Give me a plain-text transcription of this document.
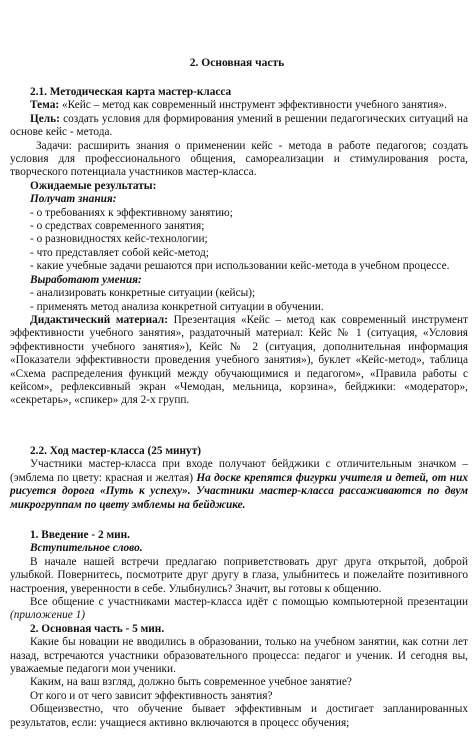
2. Основная часть

2.1. Методическая карта мастер-класса

Тема: «Кейс – метод как современный инструмент эффективности учебного занятия».

Цель: создать условия для формирования умений в решении педагогических ситуаций на основе кейс - метода.

Задачи: расширить знания о применении кейс - метода в работе педагогов; создать условия для профессионального общения, самореализации и стимулирования роста, творческого потенциала участников мастер-класса.

Ожидаемые результаты:

Получат знания:

- о требованиях к эффективному занятию;

- о средствах современного занятия;

- о разновидностях кейс-технологии;

- что представляет собой кейс-метод;

- какие учебные задачи решаются при использовании кейс-метода в учебном процессе.

Выработают умения:

- анализировать конкретные ситуации (кейсы);

- применять метод анализа конкретной ситуации в обучении.

Дидактический материал: Презентация «Кейс – метод как современный инструмент эффективности учебного занятия», раздаточный материал: Кейс № 1 (ситуация, «Условия эффективности учебного занятия»), Кейс № 2 (ситуация, дополнительная информация «Показатели эффективности проведения учебного занятия»), буклет «Кейс-метод», таблица «Схема распределения функций между обучающимися и педагогом», «Правила работы с кейсом», рефлексивный экран «Чемодан, мельница, корзина», бейджики: «модератор», «секретарь», «спикер» для 2-х групп.

2.2. Ход мастер-класса (25 минут)

Участники мастер-класса при входе получают бейджики с отличительным значком – (эмблема по цвету: красная и желтая) На доске крепятся фигурки учителя и детей, от них рисуется дорога «Путь к успеху». Участники мастер-класса рассаживаются по двум микрогруппам по цвету эмблемы на бейджике.

1. Введение - 2 мин.

Вступительное слово.

В начале нашей встречи предлагаю поприветствовать друг друга открытой, доброй улыбкой. Повернитесь, посмотрите друг другу в глаза, улыбнитесь и пожелайте позитивного настроения, уверенности в себе. Улыбнулись? Значит, вы готовы к общению.

Все общение с участниками мастер-класса идёт с помощью компьютерной презентации (приложение 1)

2. Основная часть - 5 мин.

Какие бы новации не вводились в образовании, только на учебном занятии, как сотни лет назад, встречаются участники образовательного процесса: педагог и ученик. И сегодня вы, уважаемые педагоги мои ученики.

Каким, на ваш взгляд, должно быть современное учебное занятие?

От кого и от чего зависит эффективность занятия?

Общеизвестно, что обучение бывает эффективным и достигает запланированных результатов, если: учащиеся активно включаются в процесс обучения;
